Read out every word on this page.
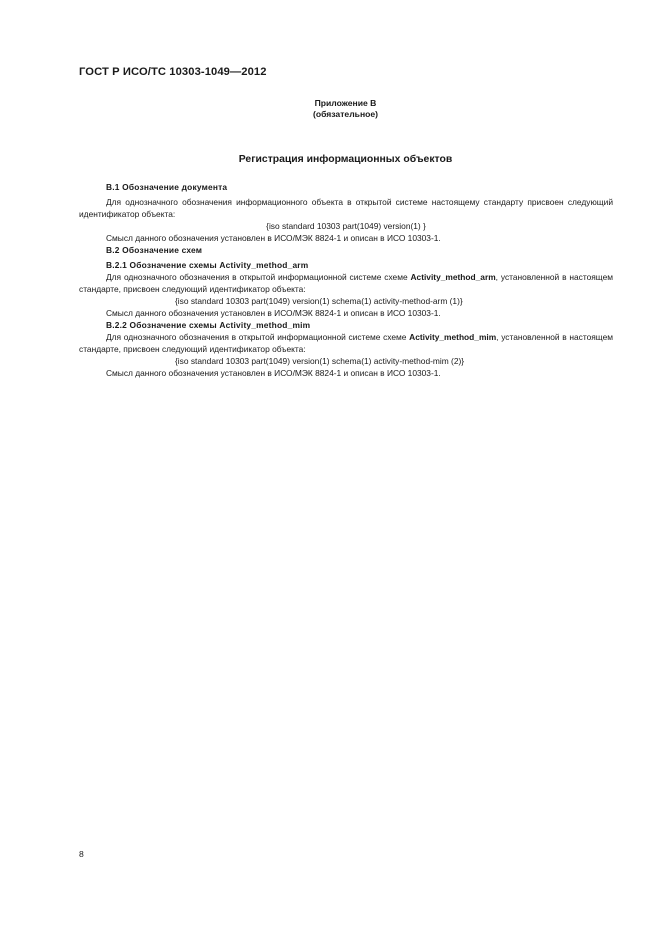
ГОСТ Р ИСО/ТС 10303-1049—2012
Приложение В
(обязательное)
Регистрация информационных объектов
В.1 Обозначение документа
Для однозначного обозначения информационного объекта в открытой системе настоящему стандарту присвоен следующий идентификатор объекта:
{iso standard 10303 part(1049) version(1) }
Смысл данного обозначения установлен в ИСО/МЭК 8824-1 и описан в ИСО 10303-1.
В.2 Обозначение схем
В.2.1 Обозначение схемы Activity_method_arm
Для однозначного обозначения в открытой информационной системе схеме Activity_method_arm, установленной в настоящем стандарте, присвоен следующий идентификатор объекта:
{iso standard 10303 part(1049) version(1) schema(1) activity-method-arm (1)}
Смысл данного обозначения установлен в ИСО/МЭК 8824-1 и описан в ИСО 10303-1.
В.2.2 Обозначение схемы Activity_method_mim
Для однозначного обозначения в открытой информационной системе схеме Activity_method_mim, установленной в настоящем стандарте, присвоен следующий идентификатор объекта:
{iso standard 10303 part(1049) version(1) schema(1) activity-method-mim (2)}
Смысл данного обозначения установлен в ИСО/МЭК 8824-1 и описан в ИСО 10303-1.
8
